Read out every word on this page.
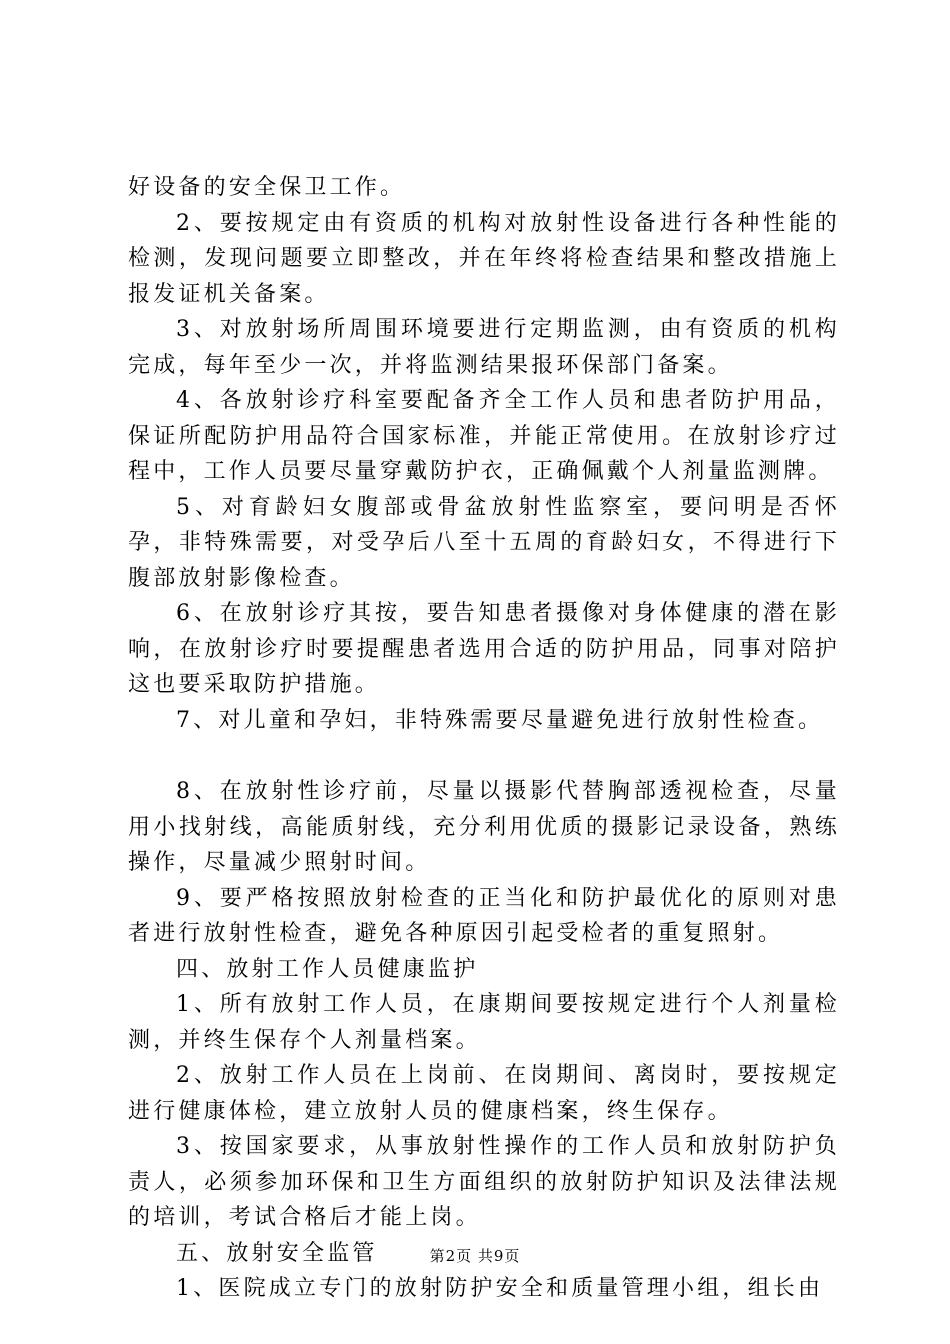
好设备的安全保卫工作。

2、要按规定由有资质的机构对放射性设备进行各种性能的检测，发现问题要立即整改，并在年终将检查结果和整改措施上报发证机关备案。

3、对放射场所周围环境要进行定期监测，由有资质的机构完成，每年至少一次，并将监测结果报环保部门备案。

4、各放射诊疗科室要配备齐全工作人员和患者防护用品，保证所配防护用品符合国家标准，并能正常使用。在放射诊疗过程中，工作人员要尽量穿戴防护衣，正确佩戴个人剂量监测牌。

5、对育龄妇女腹部或骨盆放射性监察室，要问明是否怀孕，非特殊需要，对受孕后八至十五周的育龄妇女，不得进行下腹部放射影像检查。

6、在放射诊疗其按，要告知患者摄像对身体健康的潜在影响，在放射诊疗时要提醒患者选用合适的防护用品，同事对陪护这也要采取防护措施。

7、对儿童和孕妇，非特殊需要尽量避免进行放射性检查。

8、在放射性诊疗前，尽量以摄影代替胸部透视检查，尽量用小找射线，高能质射线，充分利用优质的摄影记录设备，熟练操作，尽量减少照射时间。

9、要严格按照放射检查的正当化和防护最优化的原则对患者进行放射性检查，避免各种原因引起受检者的重复照射。

四、放射工作人员健康监护

1、所有放射工作人员，在康期间要按规定进行个人剂量检测，并终生保存个人剂量档案。

2、放射工作人员在上岗前、在岗期间、离岗时，要按规定进行健康体检，建立放射人员的健康档案，终生保存。

3、按国家要求，从事放射性操作的工作人员和放射防护负责人，必须参加环保和卫生方面组织的放射防护知识及法律法规的培训，考试合格后才能上岗。

五、放射安全监管

1、医院成立专门的放射防护安全和质量管理小组，组长由

第2页 共9页
